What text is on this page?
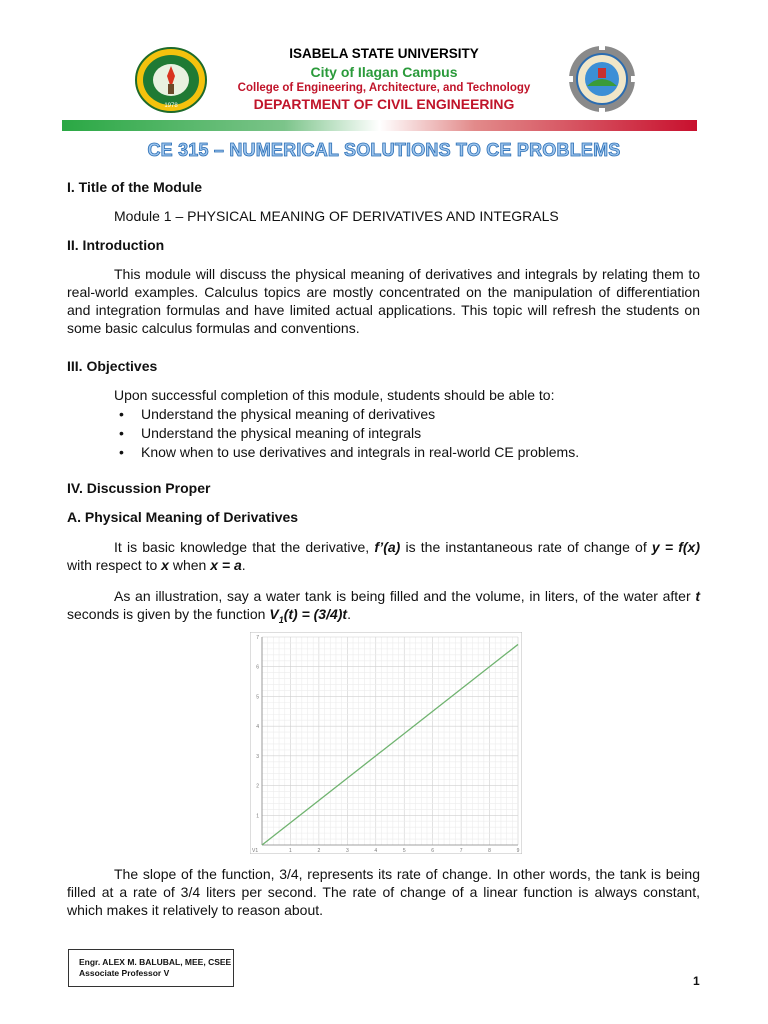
1978
ISABELA STATE UNIVERSITY
City of Ilagan Campus
College of Engineering, Architecture, and Technology
DEPARTMENT OF CIVIL ENGINEERING
CE 315 – NUMERICAL SOLUTIONS TO CE PROBLEMS
I. Title of the Module
Module 1 – PHYSICAL MEANING OF DERIVATIVES AND INTEGRALS
II. Introduction
This module will discuss the physical meaning of derivatives and integrals by relating them to real-world examples. Calculus topics are mostly concentrated on the manipulation of differentiation and integration formulas and have limited actual applications. This topic will refresh the students on some basic calculus formulas and conventions.
III. Objectives
Upon successful completion of this module, students should be able to:
• Understand the physical meaning of derivatives
• Understand the physical meaning of integrals
• Know when to use derivatives and integrals in real-world CE problems.
IV. Discussion Proper
A. Physical Meaning of Derivatives
It is basic knowledge that the derivative, f’(a) is the instantaneous rate of change of y = f(x) with respect to x when x = a.
As an illustration, say a water tank is being filled and the volume, in liters, of the water after t seconds is given by the function $V_1(t) = (3/4)t$.
1	2	3	4	5	6	7	8	9
1
2
3
4
5
6
7
V1
The slope of the function, 3/4, represents its rate of change. In other words, the tank is being filled at a rate of 3/4 liters per second. The rate of change of a linear function is always constant, which makes it relatively to reason about.
Engr. ALEX M. BALUBAL, MEE, CSEE
Associate Professor V
1
